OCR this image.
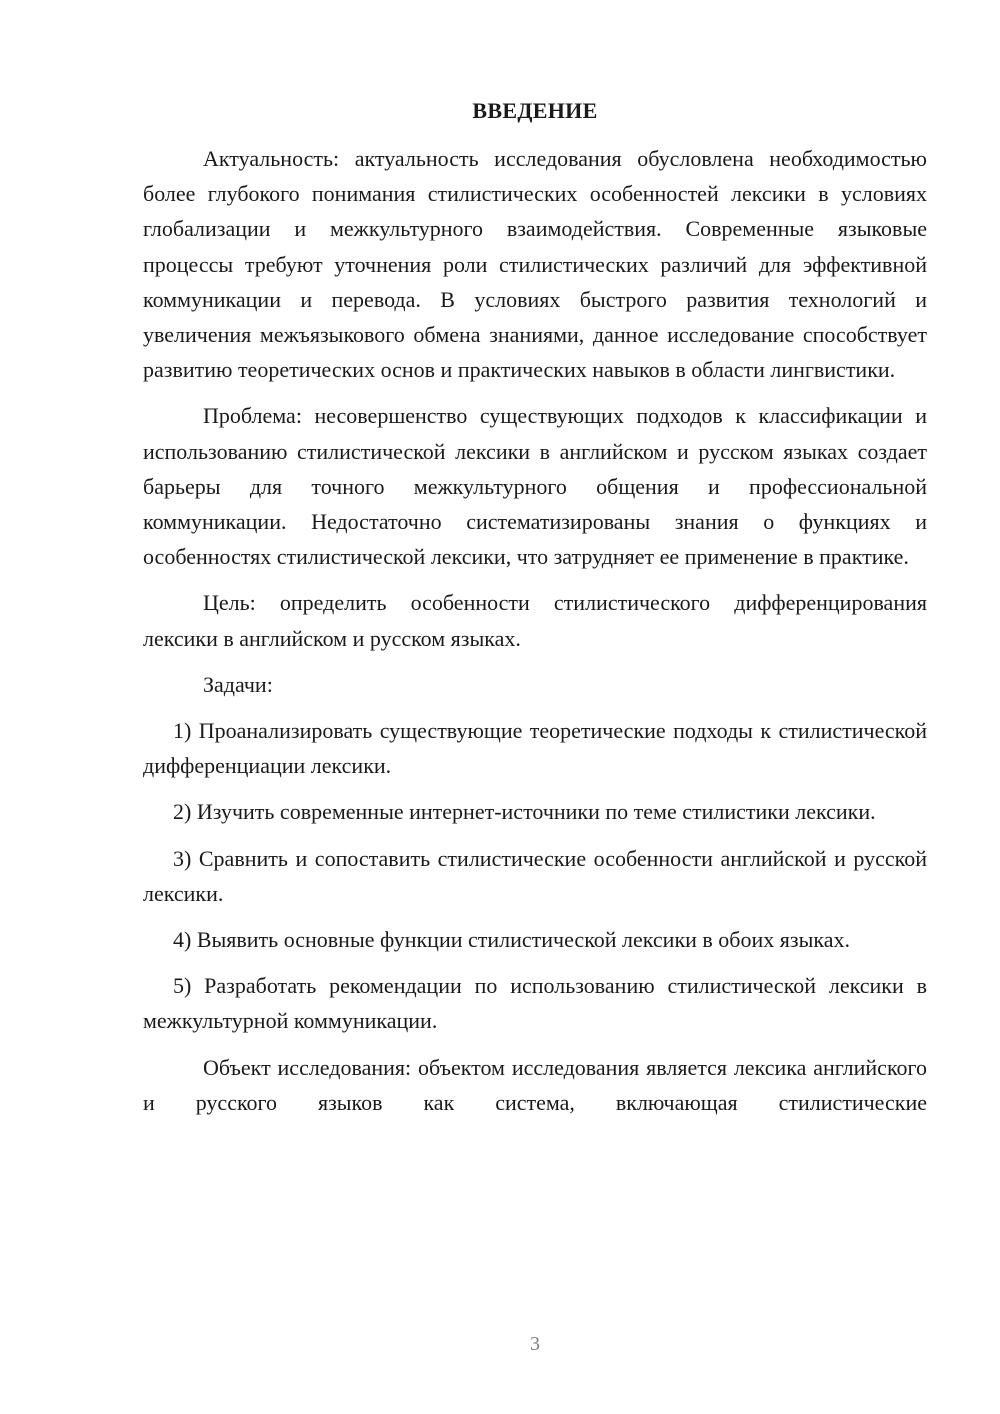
ВВЕДЕНИЕ

Актуальность: актуальность исследования обусловлена необходимостью более глубокого понимания стилистических особенностей лексики в условиях глобализации и межкультурного взаимодействия. Современные языковые процессы требуют уточнения роли стилистических различий для эффективной коммуникации и перевода. В условиях быстрого развития технологий и увеличения межъязыкового обмена знаниями, данное исследование способствует развитию теоретических основ и практических навыков в области лингвистики.

Проблема: несовершенство существующих подходов к классификации и использованию стилистической лексики в английском и русском языках создает барьеры для точного межкультурного общения и профессиональной коммуникации. Недостаточно систематизированы знания о функциях и особенностях стилистической лексики, что затрудняет ее применение в практике.

Цель: определить особенности стилистического дифференцирования лексики в английском и русском языках.

Задачи:

1) Проанализировать существующие теоретические подходы к стилистической дифференциации лексики.

2) Изучить современные интернет-источники по теме стилистики лексики.

3) Сравнить и сопоставить стилистические особенности английской и русской лексики.

4) Выявить основные функции стилистической лексики в обоих языках.

5) Разработать рекомендации по использованию стилистической лексики в межкультурной коммуникации.

Объект исследования: объектом исследования является лексика английского и русского языков как система, включающая стилистические

3
